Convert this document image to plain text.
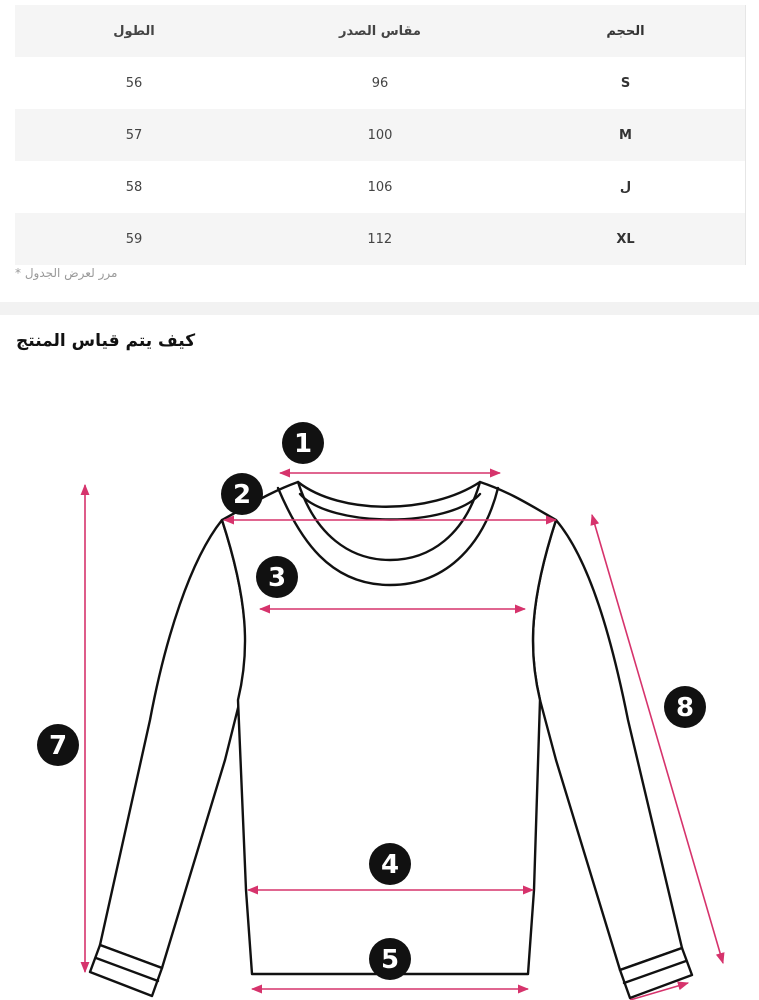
الحجم	مقاس الصدر	الطول
S	96	56
M	100	57
ل	106	58
XL	112	59
مرر لعرض الجدول *
كيف يتم قياس المنتج
1
2
3
4
5
7
8
